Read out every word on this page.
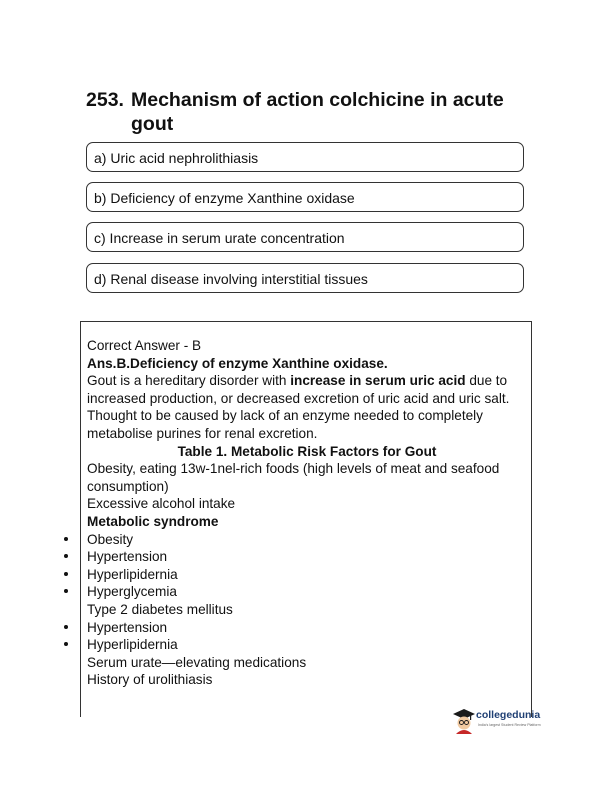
253. Mechanism of action colchicine in acute
gout
a) Uric acid nephrolithiasis
b) Deficiency of enzyme Xanthine oxidase
c) Increase in serum urate concentration
d) Renal disease involving interstitial tissues
Correct Answer - B
Ans.B.Deficiency of enzyme Xanthine oxidase.
Gout is a hereditary disorder with increase in serum uric acid due to increased production, or decreased excretion of uric acid and uric salt.
Thought to be caused by lack of an enzyme needed to completely metabolise purines for renal excretion.
Table 1. Metabolic Risk Factors for Gout
Obesity, eating 13w-1nel-rich foods (high levels of meat and seafood consumption)
Excessive alcohol intake
Metabolic syndrome
Obesity
Hypertension
Hyperlipidernia
Hyperglycemia
Type 2 diabetes mellitus
Hypertension
Hyperlipidernia
Serum urate—elevating medications
History of urolithiasis
collegedunia
India's largest Student Review Platform
